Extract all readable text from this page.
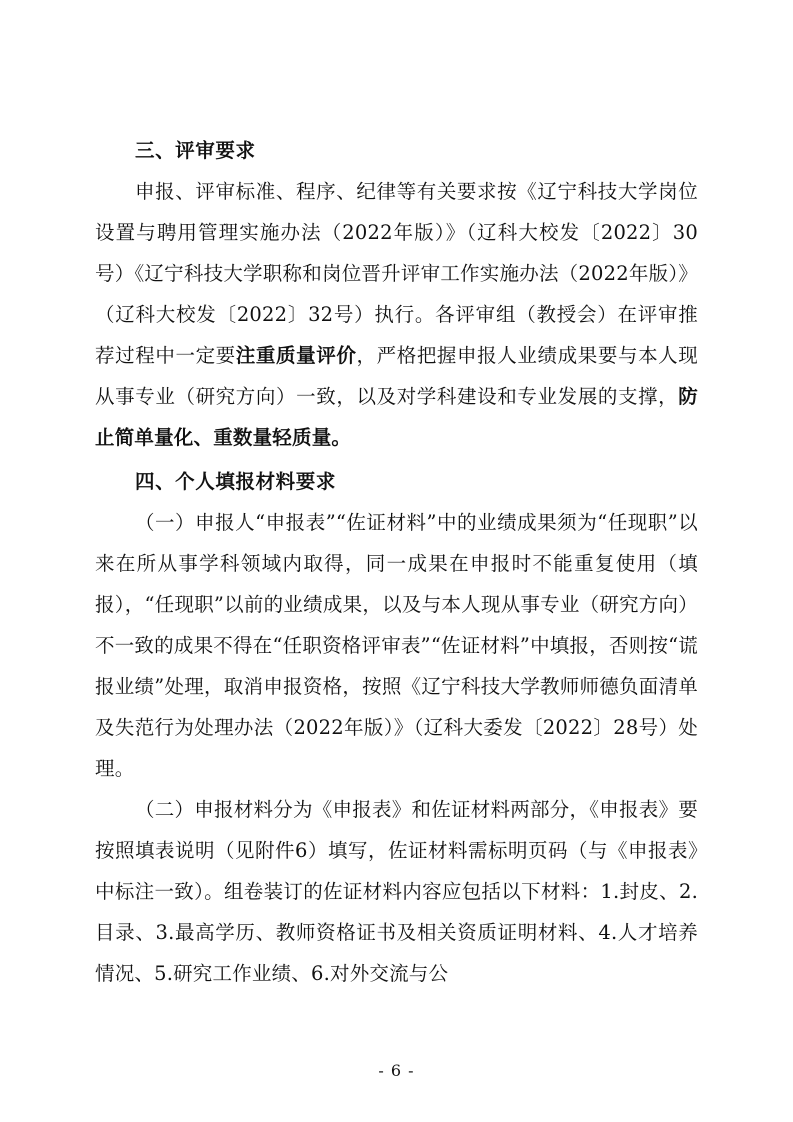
三、评审要求

申报、评审标准、程序、纪律等有关要求按《辽宁科技大学岗位设置与聘用管理实施办法（2022年版）》（辽科大校发〔2022〕30号）《辽宁科技大学职称和岗位晋升评审工作实施办法（2022年版）》（辽科大校发〔2022〕32号）执行。各评审组（教授会）在评审推荐过程中一定要注重质量评价，严格把握申报人业绩成果要与本人现从事专业（研究方向）一致，以及对学科建设和专业发展的支撑，防止简单量化、重数量轻质量。

四、个人填报材料要求

（一）申报人“申报表”“佐证材料”中的业绩成果须为“任现职”以来在所从事学科领域内取得，同一成果在申报时不能重复使用（填报），“任现职”以前的业绩成果，以及与本人现从事专业（研究方向）不一致的成果不得在“任职资格评审表”“佐证材料”中填报，否则按“谎报业绩”处理，取消申报资格，按照《辽宁科技大学教师师德负面清单及失范行为处理办法（2022年版）》（辽科大委发〔2022〕28号）处理。

（二）申报材料分为《申报表》和佐证材料两部分，《申报表》要按照填表说明（见附件6）填写，佐证材料需标明页码（与《申报表》中标注一致）。组卷装订的佐证材料内容应包括以下材料：1.封皮、2.目录、3.最高学历、教师资格证书及相关资质证明材料、4.人才培养情况、5.研究工作业绩、6.对外交流与公

- 6 -
